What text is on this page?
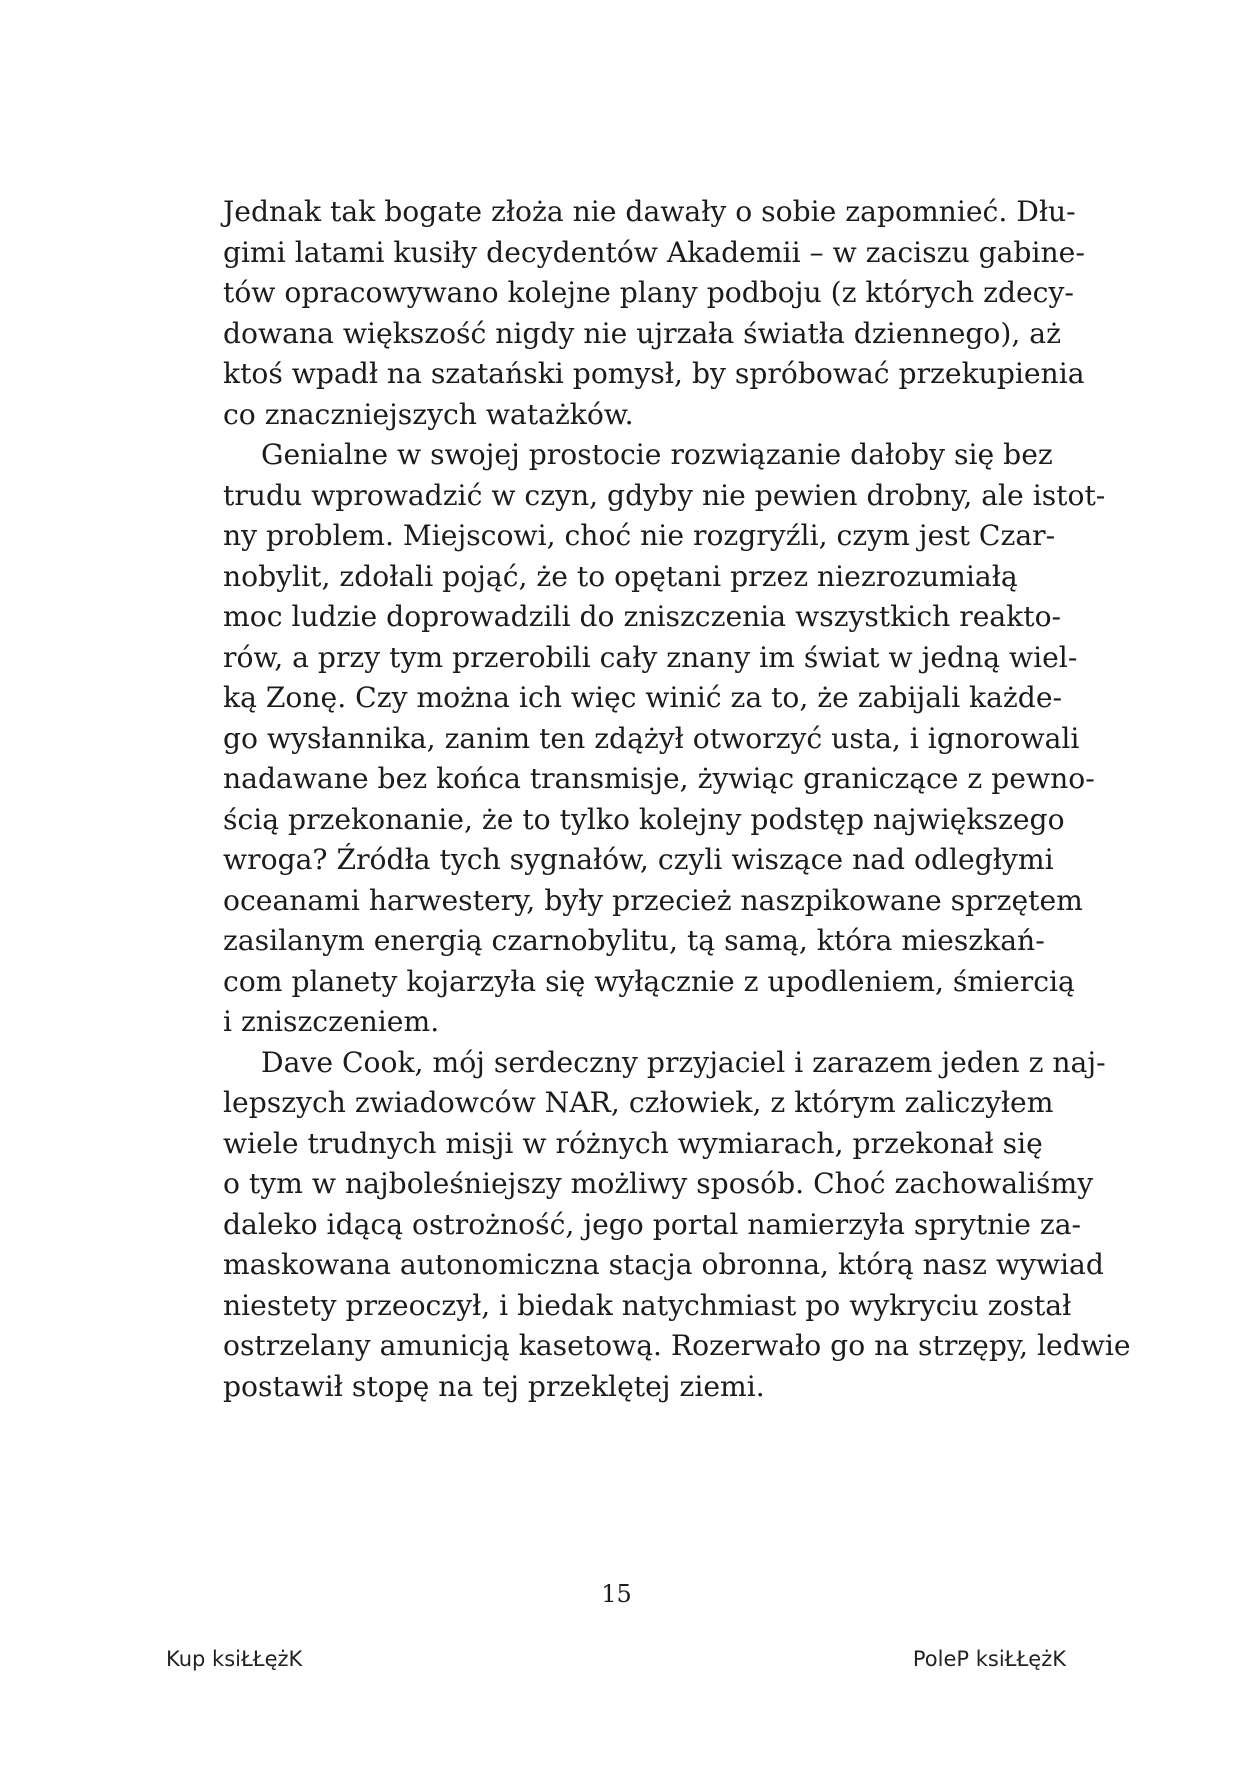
Jednak tak bogate złoża nie dawały o sobie zapomnieć. Dłu-
gimi latami kusiły decydentów Akademii – w zaciszu gabine-
tów opracowywano kolejne plany podboju (z których zdecy-
dowana większość nigdy nie ujrzała światła dziennego), aż
ktoś wpadł na szatański pomysł, by spróbować przekupienia
co znaczniejszych watażków.
Genialne w swojej prostocie rozwiązanie dałoby się bez
trudu wprowadzić w czyn, gdyby nie pewien drobny, ale istot-
ny problem. Miejscowi, choć nie rozgryźli, czym jest Czar-
nobylit, zdołali pojąć, że to opętani przez niezrozumiałą
moc ludzie doprowadzili do zniszczenia wszystkich reakto-
rów, a przy tym przerobili cały znany im świat w jedną wiel-
ką Zonę. Czy można ich więc winić za to, że zabijali każde-
go wysłannika, zanim ten zdążył otworzyć usta, i ignorowali
nadawane bez końca transmisje, żywiąc graniczące z pewno-
ścią przekonanie, że to tylko kolejny podstęp największego
wroga? Źródła tych sygnałów, czyli wiszące nad odległymi
oceanami harwestery, były przecież naszpikowane sprzętem
zasilanym energią czarnobylitu, tą samą, która mieszkań-
com planety kojarzyła się wyłącznie z upodleniem, śmiercią
i zniszczeniem.
Dave Cook, mój serdeczny przyjaciel i zarazem jeden z naj-
lepszych zwiadowców NAR, człowiek, z którym zaliczyłem
wiele trudnych misji w różnych wymiarach, przekonał się
o tym w najboleśniejszy możliwy sposób. Choć zachowaliśmy
daleko idącą ostrożność, jego portal namierzyła sprytnie za-
maskowana autonomiczna stacja obronna, którą nasz wywiad
niestety przeoczył, i biedak natychmiast po wykryciu został
ostrzelany amunicją kasetową. Rozerwało go na strzępy, ledwie
postawił stopę na tej przeklętej ziemi.
15
Kup ksiŁŁężK	PoleP ksiŁŁężK
